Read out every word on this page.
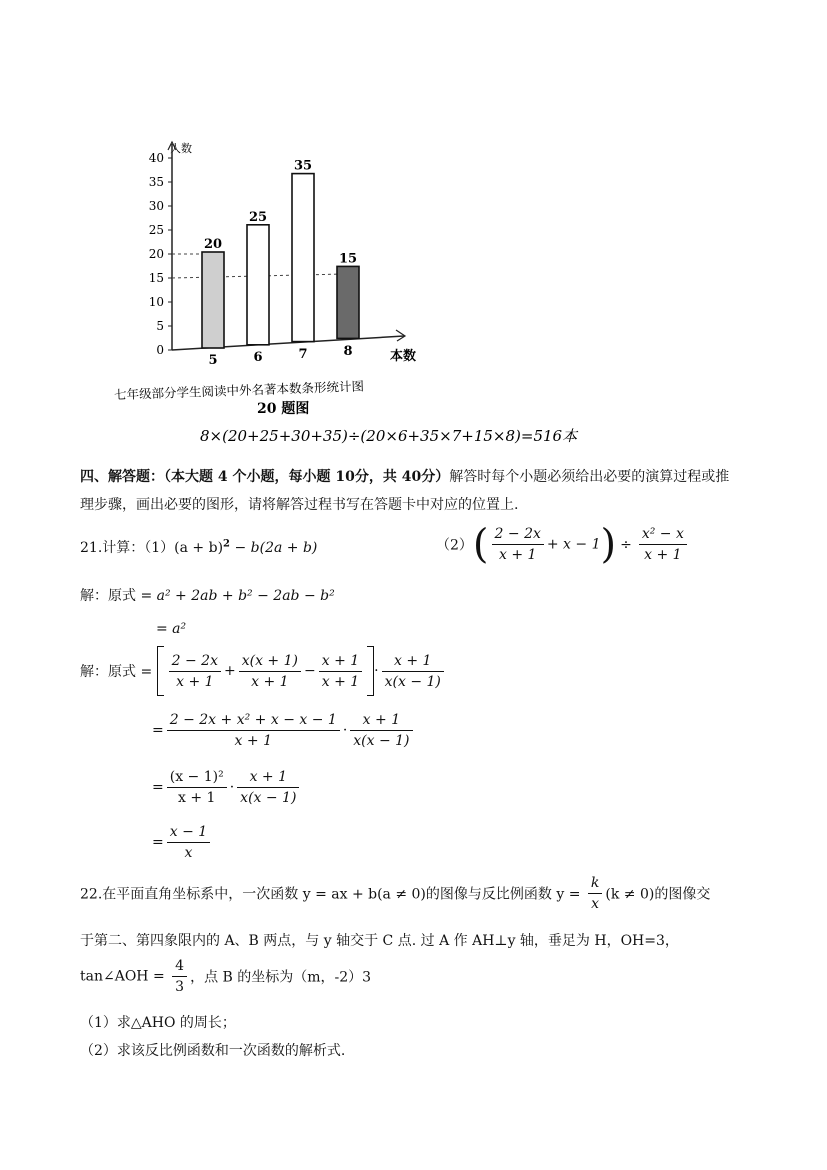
0
5
10
15
20
25
30
35
40
20
5
25
6
35
7
15
8
人数
本数
七年级部分学生阅读中外名著本数条形统计图
20 题图
8×(20+25+30+35)÷(20×6+35×7+15×8)=516本
四、解答题：（本大题 4 个小题，每小题 10分，共 40分）解答时每个小题必须给出必要的演算过程或推
理步骤，画出必要的图形，请将解答过程书写在答题卡中对应的位置上.
21.计算：$(1)(a + b)^2 - b(2a + b)$	$(2)( \frac{2 - 2x}{x + 1} + x - 1) \div \frac{\text{x² − x}}{x + 1}$
解：原式 = a² + 2ab + b² − 2ab − b²
= a²
解：原式 = $\frac{2 - 2x}{x + 1} + \frac{x(x + 1)}{x + 1} - \frac{x + 1}{x + 1} \cdot \frac{x + 1}{x(x - 1)}$
= $\frac{\text{2 − 2x + x² + x − x − 1}}{x + 1} \cdot \frac{x + 1}{x(x - 1)}$
= $\frac{\text{(x − 1)²}}{x + 1} \cdot \frac{x + 1}{x(x - 1)}$
= $\frac{x - 1}{x}$
22.在平面直角坐标系中，一次函数 y = ax + b(a ≠ 0)的图像与反比例函数 $y = \frac{k}{x} (k \ne 0)$的图像交
于第二、第四象限内的 A、B 两点，与 y 轴交于 C 点. 过 A 作 AH⊥y 轴，垂足为 H，OH=3，
tan∠AOH = $\frac{4}{3}$ ，点 B 的坐标为（m，-2）3
（1）求△AHO 的周长；
（2）求该反比例函数和一次函数的解析式.
